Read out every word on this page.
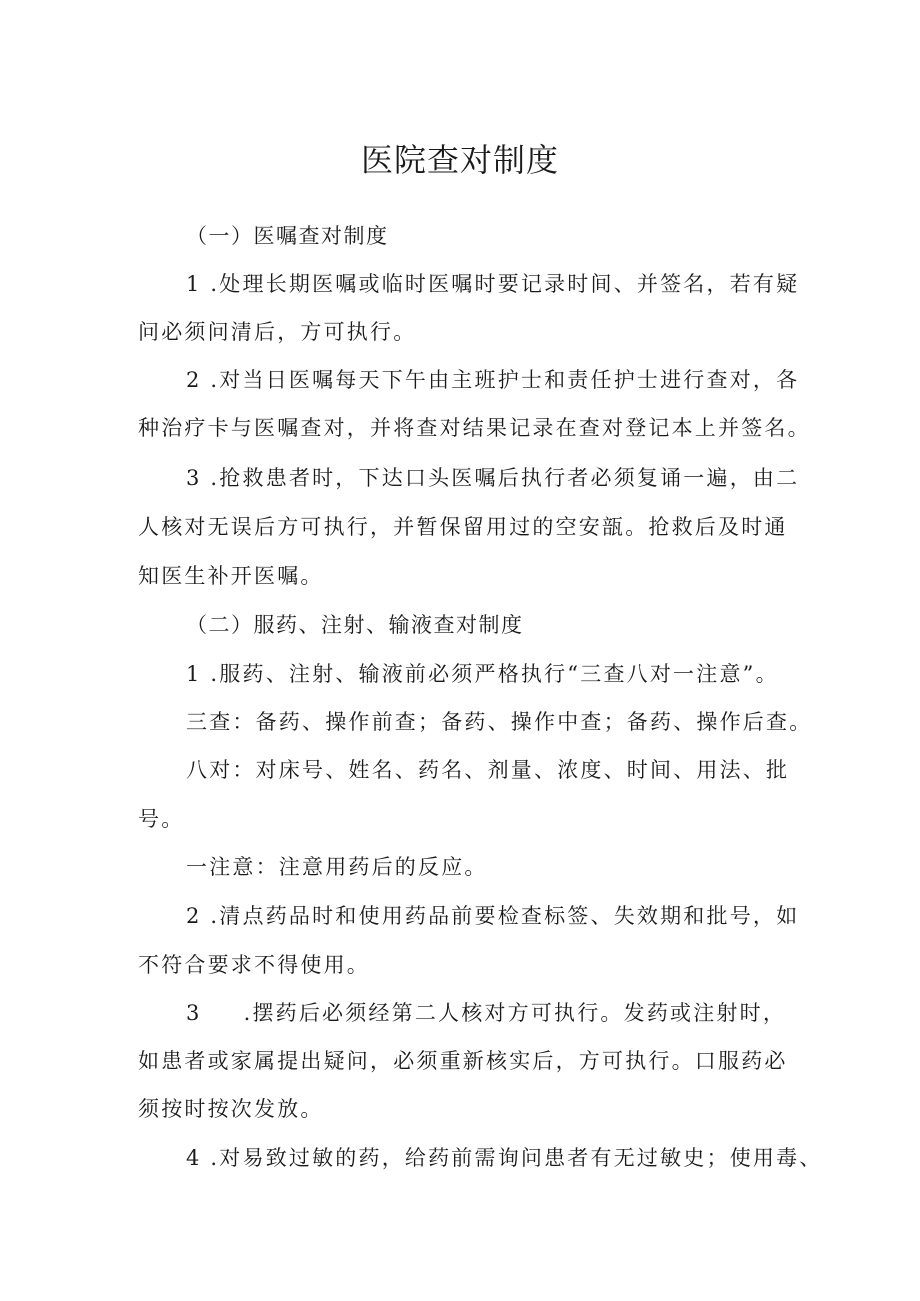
医院查对制度

（一）医嘱查对制度

1 .处理长期医嘱或临时医嘱时要记录时间、并签名，若有疑

问必须问清后，方可执行。

2 .对当日医嘱每天下午由主班护士和责任护士进行查对，各

种治疗卡与医嘱查对，并将查对结果记录在查对登记本上并签名。

3 .抢救患者时，下达口头医嘱后执行者必须复诵一遍，由二

人核对无误后方可执行，并暂保留用过的空安瓿。抢救后及时通

知医生补开医嘱。

（二）服药、注射、输液查对制度

1 .服药、注射、输液前必须严格执行“三查八对一注意”。

三查：备药、操作前查；备药、操作中查；备药、操作后查。

八对：对床号、姓名、药名、剂量、浓度、时间、用法、批

号。

一注意：注意用药后的反应。

2 .清点药品时和使用药品前要检查标签、失效期和批号，如

不符合要求不得使用。

3 .摆药后必须经第二人核对方可执行。发药或注射时，

如患者或家属提出疑问，必须重新核实后，方可执行。口服药必

须按时按次发放。

4 .对易致过敏的药，给药前需询问患者有无过敏史；使用毒、
